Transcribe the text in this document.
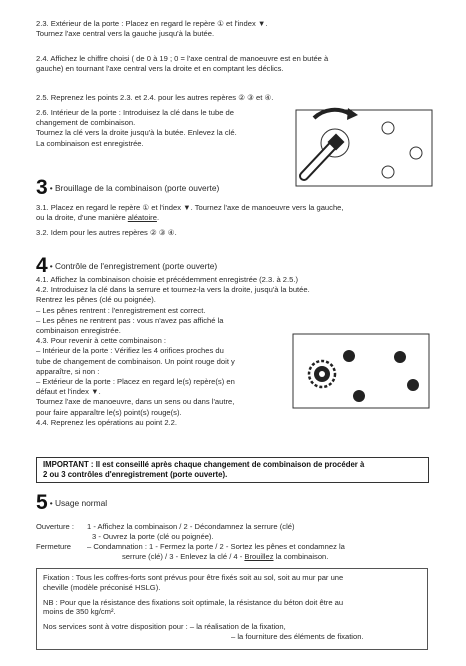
2.3. Extérieur de la porte : Placez en regard le repère ① et l'index ▼.

Tournez l'axe central vers la gauche jusqu'à la butée.

2.4. Affichez le chiffre choisi ( de 0 à 19 ; 0 = l'axe central de manoeuvre est en butée à

gauche) en tournant l'axe central vers la droite et en comptant les déclics.

2.5. Reprenez les points 2.3. et 2.4. pour les autres repères ② ③ et ④.

2.6. Intérieur de la porte : Introduisez la clé dans le tube de

changement de combinaison.

Tournez la clé vers la droite jusqu'à la butée. Enlevez la clé.

La combinaison est enregistrée.

3 • Brouillage de la combinaison (porte ouverte)

3.1. Placez en regard le repère ① et l'index ▼. Tournez l'axe de manoeuvre vers la gauche,

ou la droite, d'une manière aléatoire.

3.2. Idem pour les autres repères ② ③ ④.

4 • Contrôle de l'enregistrement (porte ouverte)

4.1. Affichez la combinaison choisie et précédemment enregistrée (2.3. à 2.5.)

4.2. Introduisez la clé dans la serrure et tournez-la vers la droite, jusqu'à la butée.

Rentrez les pênes (clé ou poignée).

– Les pênes rentrent : l'enregistrement est correct.

– Les pênes ne rentrent pas : vous n'avez pas affiché la

combinaison enregistrée.

4.3. Pour revenir à cette combinaison :

– Intérieur de la porte : Vérifiez les 4 orifices proches du

tube de changement de combinaison. Un point rouge doit y

apparaître, si non :

– Extérieur de la porte : Placez en regard le(s) repère(s) en

défaut et l'index ▼.

Tournez l'axe de manoeuvre, dans un sens ou dans l'autre,

pour faire apparaître le(s) point(s) rouge(s).

4.4. Reprenez les opérations au point 2.2.

IMPORTANT : Il est conseillé après chaque changement de combinaison de procéder à

2 ou 3 contrôles d'enregistrement (porte ouverte).

5 • Usage normal
Ouverture :	1 - Affichez la combinaison / 2 - Décondamnez la serrure (clé)
3 - Ouvrez la porte (clé ou poignée).
Fermeture	– Condamnation : 1 - Fermez la porte / 2 - Sortez les pênes et condamnez la
serrure (clé) / 3 - Enlevez la clé / 4 - Brouillez la combinaison.

Fixation : Tous les coffres-forts sont prévus pour être fixés soit au sol, soit au mur par une

cheville (modèle préconisé HSLG).

NB : Pour que la résistance des fixations soit optimale, la résistance du béton doit être au

moins de 350 kg/cm².

Nos services sont à votre disposition pour : – la réalisation de la fixation,

– la fourniture des éléments de fixation.
